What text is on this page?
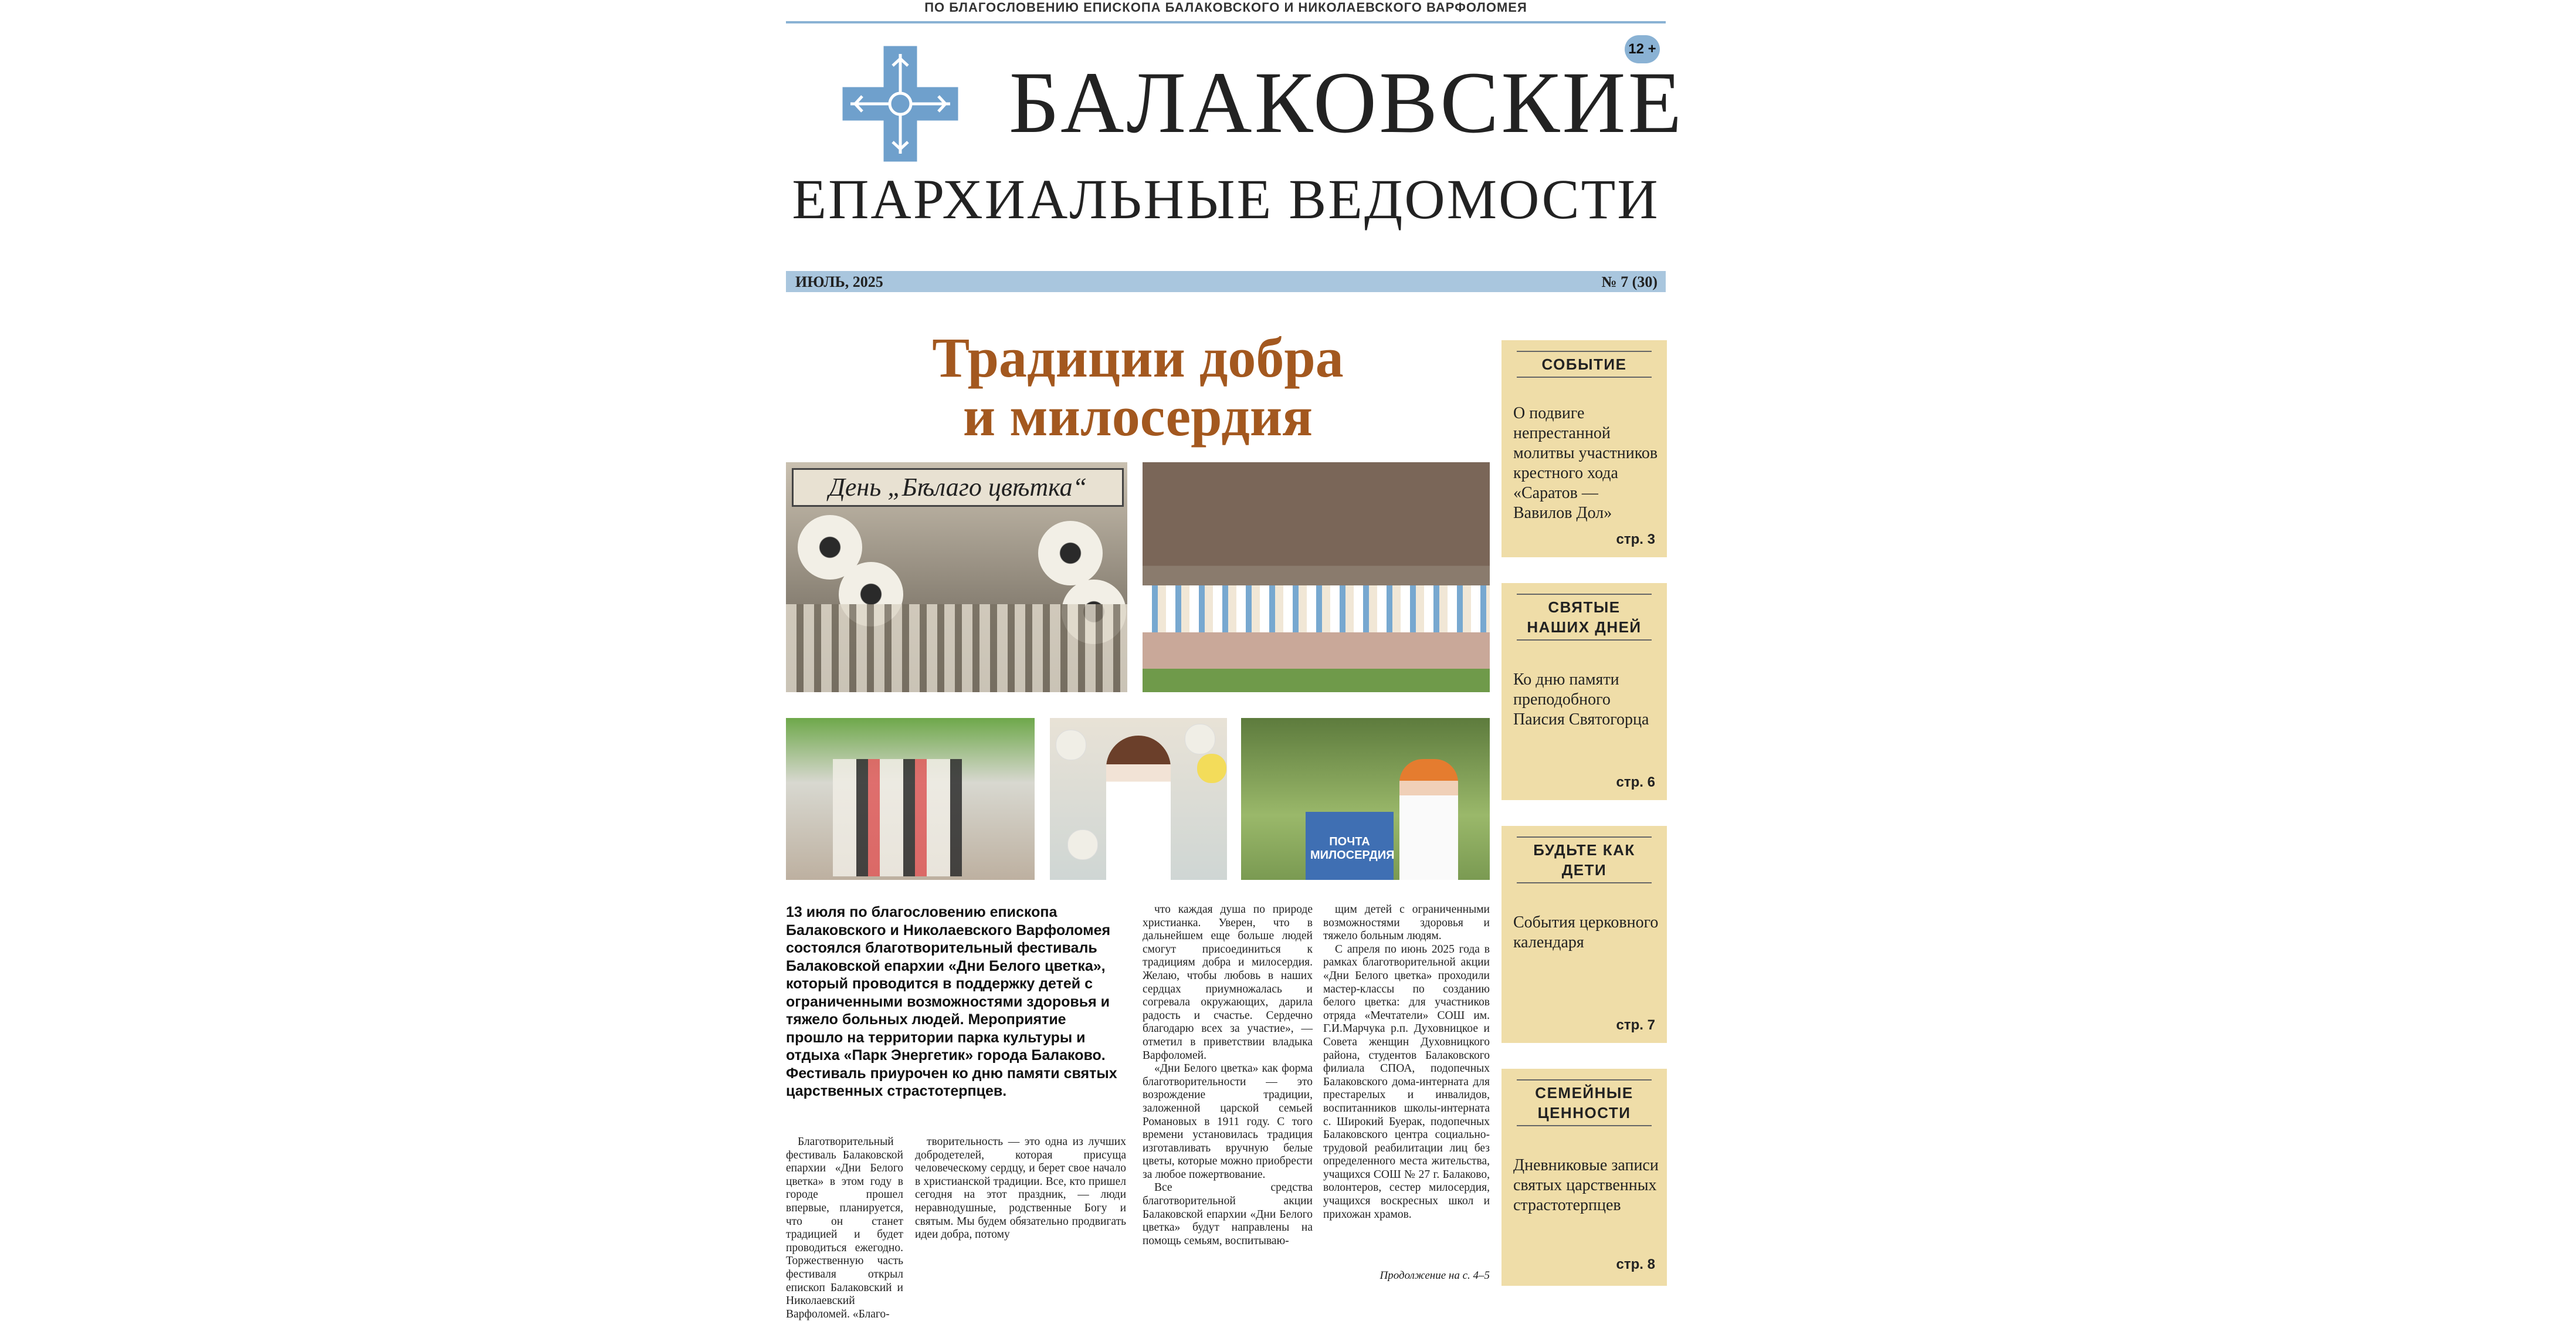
ПО БЛАГОСЛОВЕНИЮ ЕПИСКОПА БАЛАКОВСКОГО И НИКОЛАЕВСКОГО ВАРФОЛОМЕЯ
12 +
БАЛАКОВСКИЕ
ЕПАРХИАЛЬНЫЕ ВЕДОМОСТИ
ИЮЛЬ, 2025	№ 7 (30)
Традиции добра
и милосердия
День „Бѣлаго цвѣтка“
ПОЧТА МИЛОСЕРДИЯ
13 июля по благословению епископа Балаковского и Николаевского Варфоломея состоялся благотворительный фестиваль Балаковской епархии «Дни Белого цветка», который проводится в поддержку детей с ограниченными возможностями здоровья и тяжело больных людей. Мероприятие прошло на территории парка культуры и отдыха «Парк Энергетик» города Балаково. Фестиваль приурочен ко дню памяти святых царственных страстотерпцев.

Благотворительный фестиваль Балаковской епархии «Дни Белого цветка» в этом году в городе прошел впервые, планируется, что он станет традицией и будет проводиться ежегодно. Торжественную часть фестиваля открыл епископ Балаковский и Николаевский Варфоломей. «Благо-

творительность — это одна из лучших добродетелей, которая присуща человеческому сердцу, и берет свое начало в христианской традиции. Все, кто пришел сегодня на этот праздник, — люди неравнодушные, родственные Богу и святым. Мы будем обязательно продвигать идеи добра, потому

что каждая душа по природе христианка. Уверен, что в дальнейшем еще больше людей смогут присоединиться к традициям добра и милосердия. Желаю, чтобы любовь в наших сердцах приумножалась и согревала окружающих, дарила радость и счастье. Сердечно благодарю всех за участие», — отметил в приветствии владыка Варфоломей.

«Дни Белого цветка» как форма благотворительности — это возрождение традиции, заложенной царской семьей Романовых в 1911 году. С того времени установилась традиция изготавливать вручную белые цветы, которые можно приобрести за любое пожертвование.

Все средства благотворительной акции Балаковской епархии «Дни Белого цветка» будут направлены на помощь семьям, воспитываю-

щим детей с ограниченными возможностями здоровья и тяжело больным людям.

С апреля по июнь 2025 года в рамках благотворительной акции «Дни Белого цветка» проходили мастер-классы по созданию белого цветка: для участников отряда «Мечтатели» СОШ им. Г.И.Марчука р.п. Духовницкое и Совета женщин Духовницкого района, студентов Балаковского филиала СПОА, подопечных Балаковского дома-интерната для престарелых и инвалидов, воспитанников школы-интерната с. Широкий Буерак, подопечных Балаковского центра социально-трудовой реабилитации лиц без определенного места жительства, учащихся СОШ № 27 г. Балаково, волонтеров, сестер милосердия, учащихся воскресных школ и прихожан храмов.

Продолжение на с. 4–5
СОБЫТИЕ
О подвиге непрестанной молитвы участников крестного хода «Саратов — Вавилов Дол»
стр. 3
СВЯТЫЕ НАШИХ ДНЕЙ
Ко дню памяти преподобного Паисия Святогорца
стр. 6
БУДЬТЕ КАК ДЕТИ
События церковного календаря
стр. 7
СЕМЕЙНЫЕ ЦЕННОСТИ
Дневниковые записи святых царственных страстотерпцев
стр. 8
